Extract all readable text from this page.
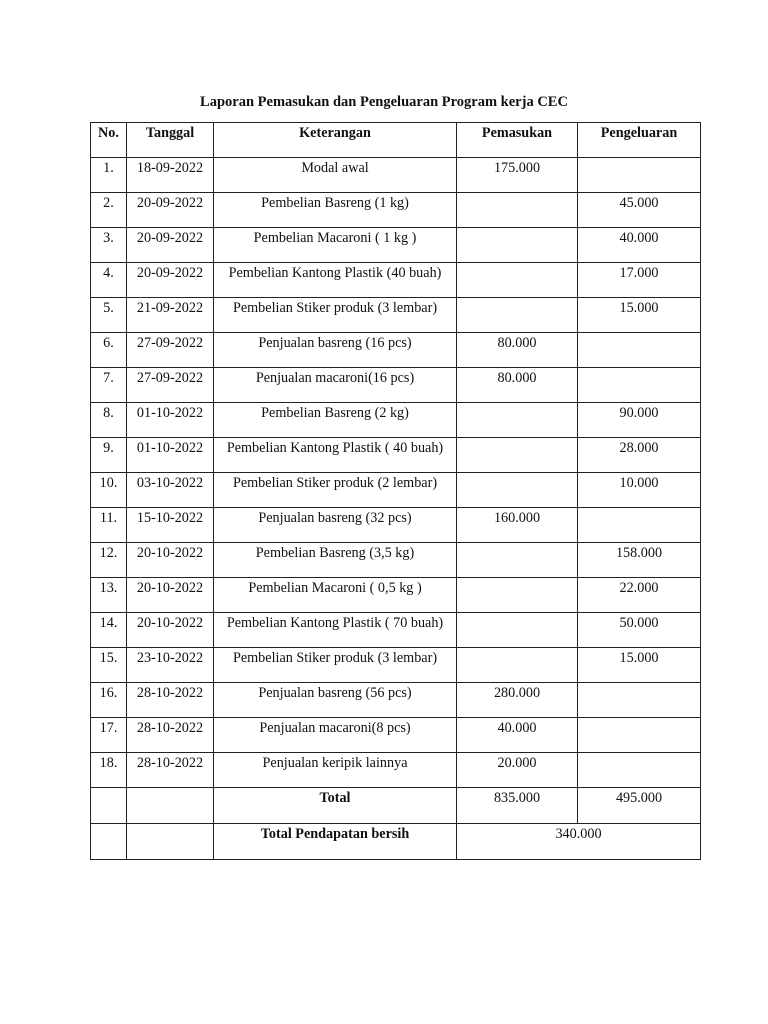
Laporan Pemasukan dan Pengeluaran Program kerja CEC
No.	Tanggal	Keterangan	Pemasukan	Pengeluaran
1.	18-09-2022	Modal awal	175.000	
2.	20-09-2022	Pembelian Basreng (1 kg)		45.000
3.	20-09-2022	Pembelian Macaroni ( 1 kg )		40.000
4.	20-09-2022	Pembelian Kantong Plastik (40 buah)		17.000
5.	21-09-2022	Pembelian Stiker produk (3 lembar)		15.000
6.	27-09-2022	Penjualan basreng (16 pcs)	80.000	
7.	27-09-2022	Penjualan macaroni(16 pcs)	80.000	
8.	01-10-2022	Pembelian Basreng (2 kg)		90.000
9.	01-10-2022	Pembelian Kantong Plastik ( 40 buah)		28.000
10.	03-10-2022	Pembelian Stiker produk (2 lembar)		10.000
11.	15-10-2022	Penjualan basreng (32 pcs)	160.000	
12.	20-10-2022	Pembelian Basreng (3,5 kg)		158.000
13.	20-10-2022	Pembelian Macaroni ( 0,5 kg )		22.000
14.	20-10-2022	Pembelian Kantong Plastik ( 70 buah)		50.000
15.	23-10-2022	Pembelian Stiker produk (3 lembar)		15.000
16.	28-10-2022	Penjualan basreng (56 pcs)	280.000	
17.	28-10-2022	Penjualan macaroni(8 pcs)	40.000	
18.	28-10-2022	Penjualan keripik lainnya	20.000	
		Total	835.000	495.000
		Total Pendapatan bersih	340.000	
